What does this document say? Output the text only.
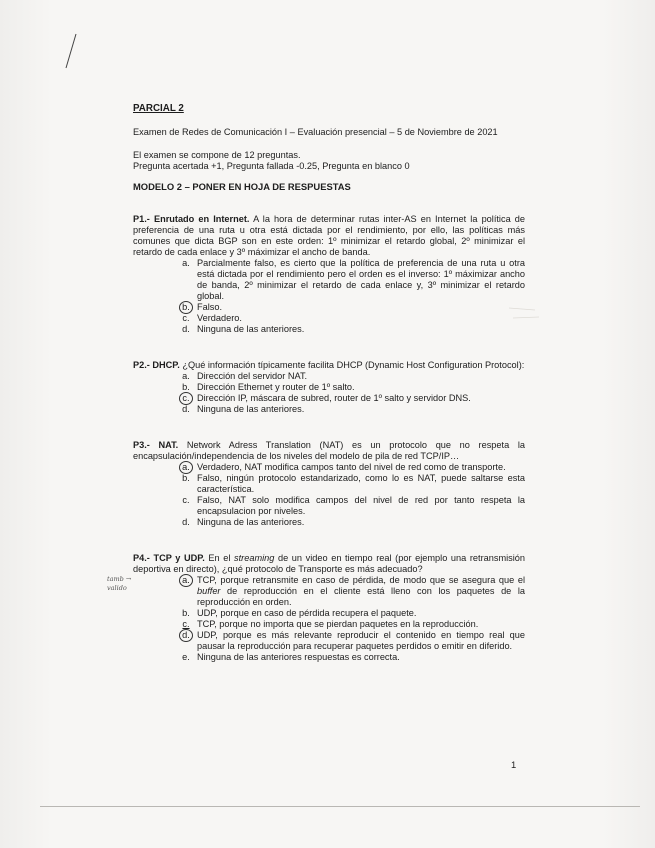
PARCIAL 2

Examen de Redes de Comunicación I – Evaluación presencial – 5 de Noviembre de 2021

El examen se compone de 12 preguntas.

Pregunta acertada +1, Pregunta fallada -0.25, Pregunta en blanco 0

MODELO 2 – PONER EN HOJA DE RESPUESTAS

P1.- Enrutado en Internet. A la hora de determinar rutas inter-AS en Internet la política de preferencia de una ruta u otra está dictada por el rendimiento, por ello, las políticas más comunes que dicta BGP son en este orden: 1º minimizar el retardo global, 2º minimizar el retardo de cada enlace y 3º máximizar el ancho de banda.

a. Parcialmente falso, es cierto que la política de preferencia de una ruta u otra está dictada por el rendimiento pero el orden es el inverso: 1º máximizar ancho de banda, 2º minimizar el retardo de cada enlace y, 3º minimizar el retardo global.
b. Falso.
c. Verdadero.
d. Ninguna de las anteriores.

P2.- DHCP. ¿Qué información típicamente facilita DHCP (Dynamic Host Configuration Protocol):

a. Dirección del servidor NAT.
b. Dirección Ethernet y router de 1º salto.
c. Dirección IP, máscara de subred, router de 1º salto y servidor DNS.
d. Ninguna de las anteriores.

P3.- NAT. Network Adress Translation (NAT) es un protocolo que no respeta la encapsulación/independencia de los niveles del modelo de pila de red TCP/IP…

a. Verdadero, NAT modifica campos tanto del nivel de red como de transporte.
b. Falso, ningún protocolo estandarizado, como lo es NAT, puede saltarse esta característica.
c. Falso, NAT solo modifica campos del nivel de red por tanto respeta la encapsulacion por niveles.
d. Ninguna de las anteriores.

P4.- TCP y UDP. En el streaming de un video en tiempo real (por ejemplo una retransmisión deportiva en directo), ¿qué protocolo de Transporte es más adecuado?

tamb →
valido
a. TCP, porque retransmite en caso de pérdida, de modo que se asegura que el buffer de reproducción en el cliente está lleno con los paquetes de la reproducción en orden.
b. UDP, porque en caso de pérdida recupera el paquete.
c. TCP, porque no importa que se pierdan paquetes en la reproducción.
d. UDP, porque es más relevante reproducir el contenido en tiempo real que pausar la reproducción para recuperar paquetes perdidos o emitir en diferido.
e. Ninguna de las anteriores respuestas es correcta.
1
